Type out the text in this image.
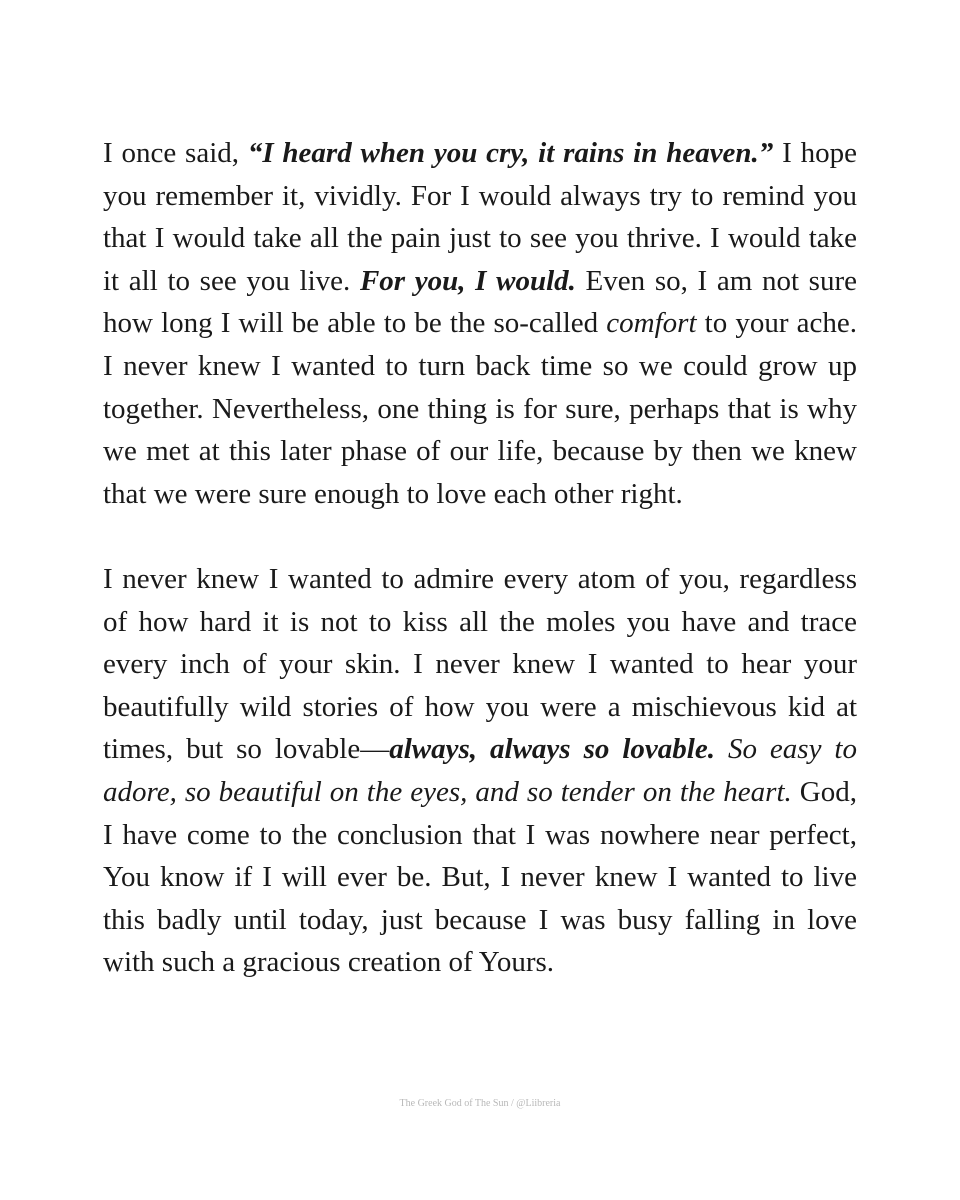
I once said, “I heard when you cry, it rains in heaven.” I hope you remember it, vividly. For I would always try to remind you that I would take all the pain just to see you thrive. I would take it all to see you live. For you, I would. Even so, I am not sure how long I will be able to be the so-called comfort to your ache. I never knew I wanted to turn back time so we could grow up together. Nevertheless, one thing is for sure, perhaps that is why we met at this later phase of our life, because by then we knew that we were sure enough to love each other right.

I never knew I wanted to admire every atom of you, regardless of how hard it is not to kiss all the moles you have and trace every inch of your skin. I never knew I wanted to hear your beautifully wild stories of how you were a mischievous kid at times, but so lovable—always, always so lovable. So easy to adore, so beautiful on the eyes, and so tender on the heart. God, I have come to the conclusion that I was nowhere near perfect, You know if I will ever be. But, I never knew I wanted to live this badly until today, just because I was busy falling in love with such a gracious creation of Yours.

The Greek God of The Sun / @Liibreria
